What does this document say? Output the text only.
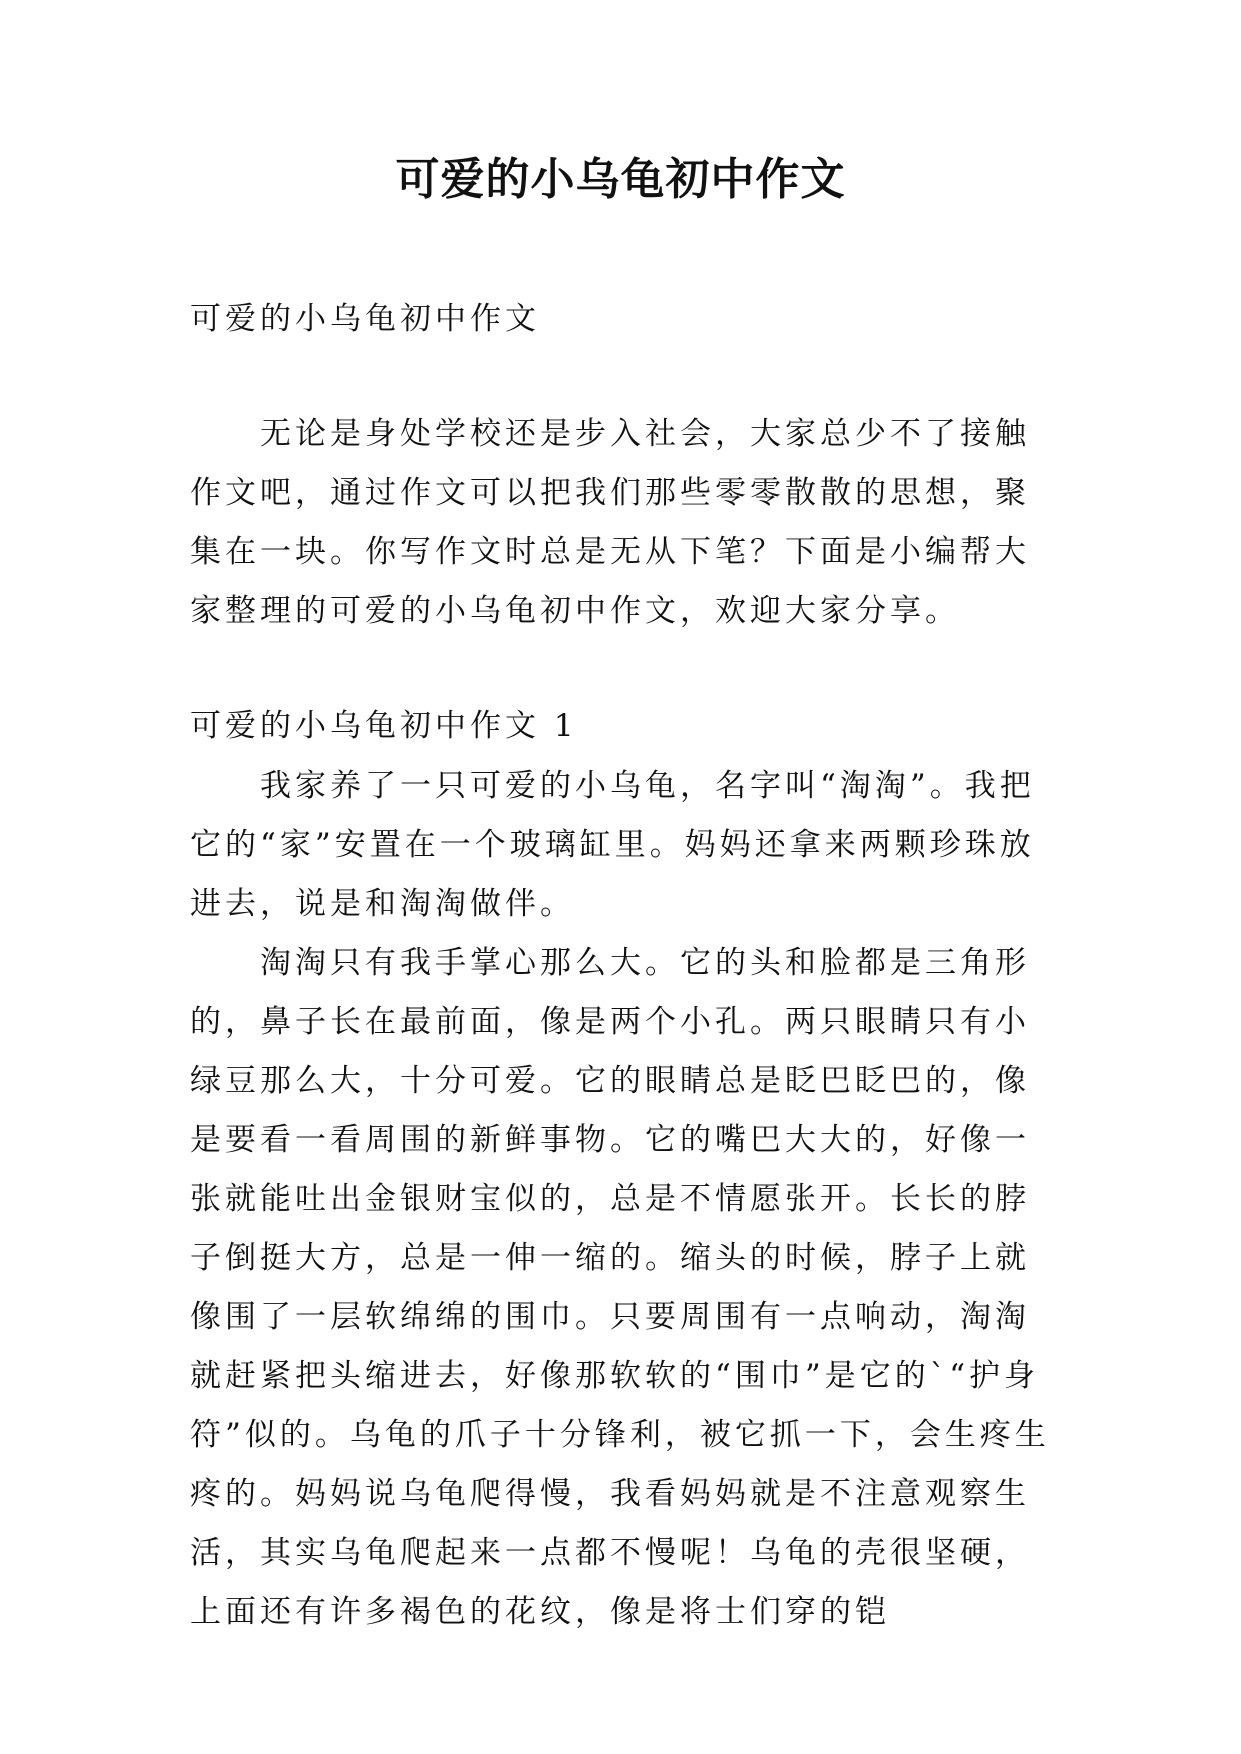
可爱的小乌龟初中作文

可爱的小乌龟初中作文

无论是身处学校还是步入社会，大家总少不了接触作文吧，通过作文可以把我们那些零零散散的思想，聚集在一块。你写作文时总是无从下笔？下面是小编帮大家整理的可爱的小乌龟初中作文，欢迎大家分享。

可爱的小乌龟初中作文 1

我家养了一只可爱的小乌龟，名字叫“淘淘”。我把它的“家”安置在一个玻璃缸里。妈妈还拿来两颗珍珠放进去，说是和淘淘做伴。

淘淘只有我手掌心那么大。它的头和脸都是三角形的，鼻子长在最前面，像是两个小孔。两只眼睛只有小绿豆那么大，十分可爱。它的眼睛总是眨巴眨巴的，像是要看一看周围的新鲜事物。它的嘴巴大大的，好像一张就能吐出金银财宝似的，总是不情愿张开。长长的脖子倒挺大方，总是一伸一缩的。缩头的时候，脖子上就像围了一层软绵绵的围巾。只要周围有一点响动，淘淘就赶紧把头缩进去，好像那软软的“围巾”是它的`“护身符”似的。乌龟的爪子十分锋利，被它抓一下，会生疼生疼的。妈妈说乌龟爬得慢，我看妈妈就是不注意观察生活，其实乌龟爬起来一点都不慢呢！乌龟的壳很坚硬，上面还有许多褐色的花纹，像是将士们穿的铠
